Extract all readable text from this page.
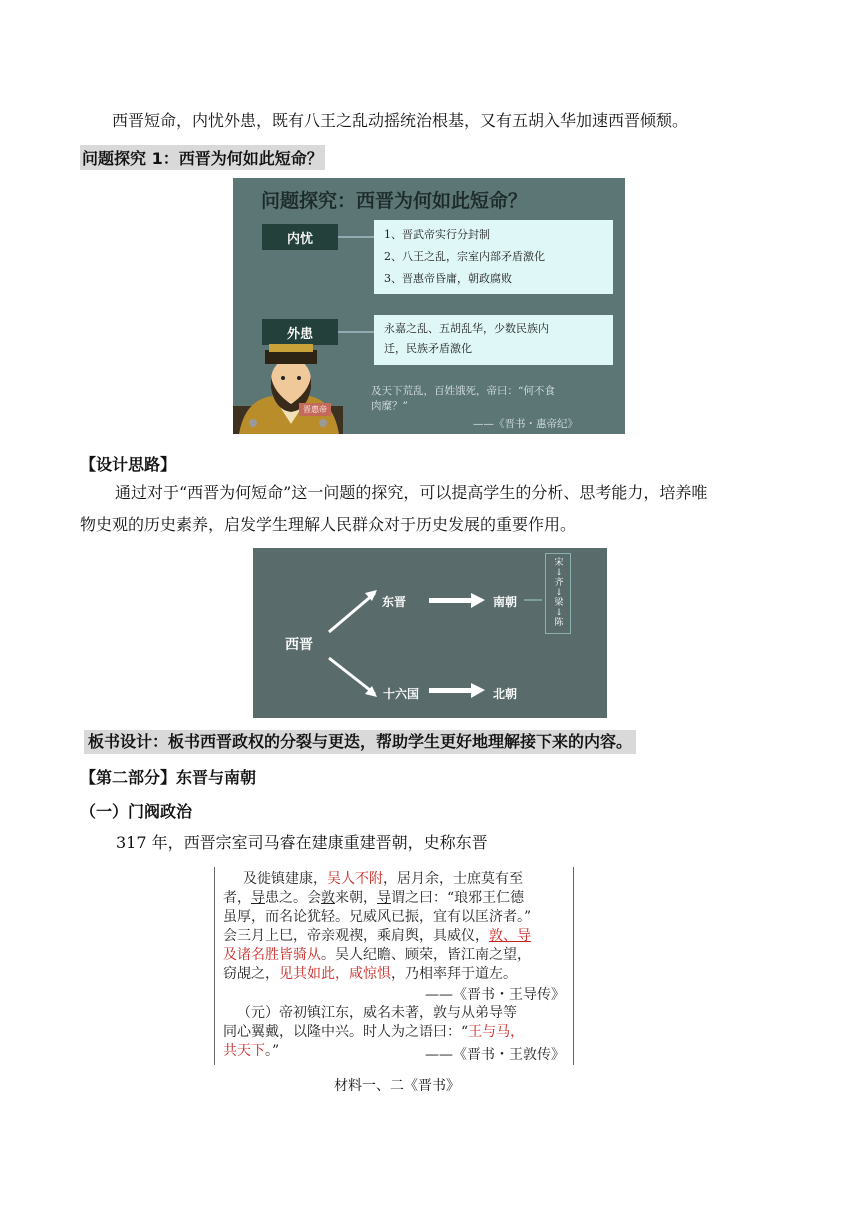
西晋短命，内忧外患，既有八王之乱动摇统治根基，又有五胡入华加速西晋倾颓。
问题探究 1：西晋为何如此短命？
问题探究：西晋为何如此短命？
内忧	1、晋武帝实行分封制
2、八王之乱，宗室内部矛盾激化
3、晋惠帝昏庸，朝政腐败
外患	永嘉之乱、五胡乱华，少数民族内
迁，民族矛盾激化
晋惠帝
及天下荒乱，百姓饿死，帝曰：“何不食
肉糜？”
——《晋书・惠帝纪》
【设计思路】
通过对于“西晋为何短命”这一问题的探究，可以提高学生的分析、思考能力，培养唯
物史观的历史素养，启发学生理解人民群众对于历史发展的重要作用。
西晋
东晋	南朝
十六国	北朝
宋
↓
齐
↓
梁
↓
陈
板书设计：板书西晋政权的分裂与更迭，帮助学生更好地理解接下来的内容。
【第二部分】东晋与南朝
（一）门阀政治
317 年，西晋宗室司马睿在建康重建晋朝，史称东晋
及徙镇建康，吴人不附，居月余，士庶莫有至
者，导患之。会敦来朝，导谓之曰：“琅邪王仁德
虽厚，而名论犹轻。兄威风已振，宜有以匡济者。”
会三月上巳，帝亲观禊，乘肩舆，具威仪，敦、导
及诸名胜皆骑从。吴人纪瞻、顾荣，皆江南之望，
窃覘之，见其如此，咸惊惧，乃相率拜于道左。
——《晋书・王导传》
（元）帝初镇江东，威名未著，敦与从弟导等
同心翼戴，以隆中兴。时人为之语曰：“王与马，
共天下。”	——《晋书・王敦传》
材料一、二《晋书》
